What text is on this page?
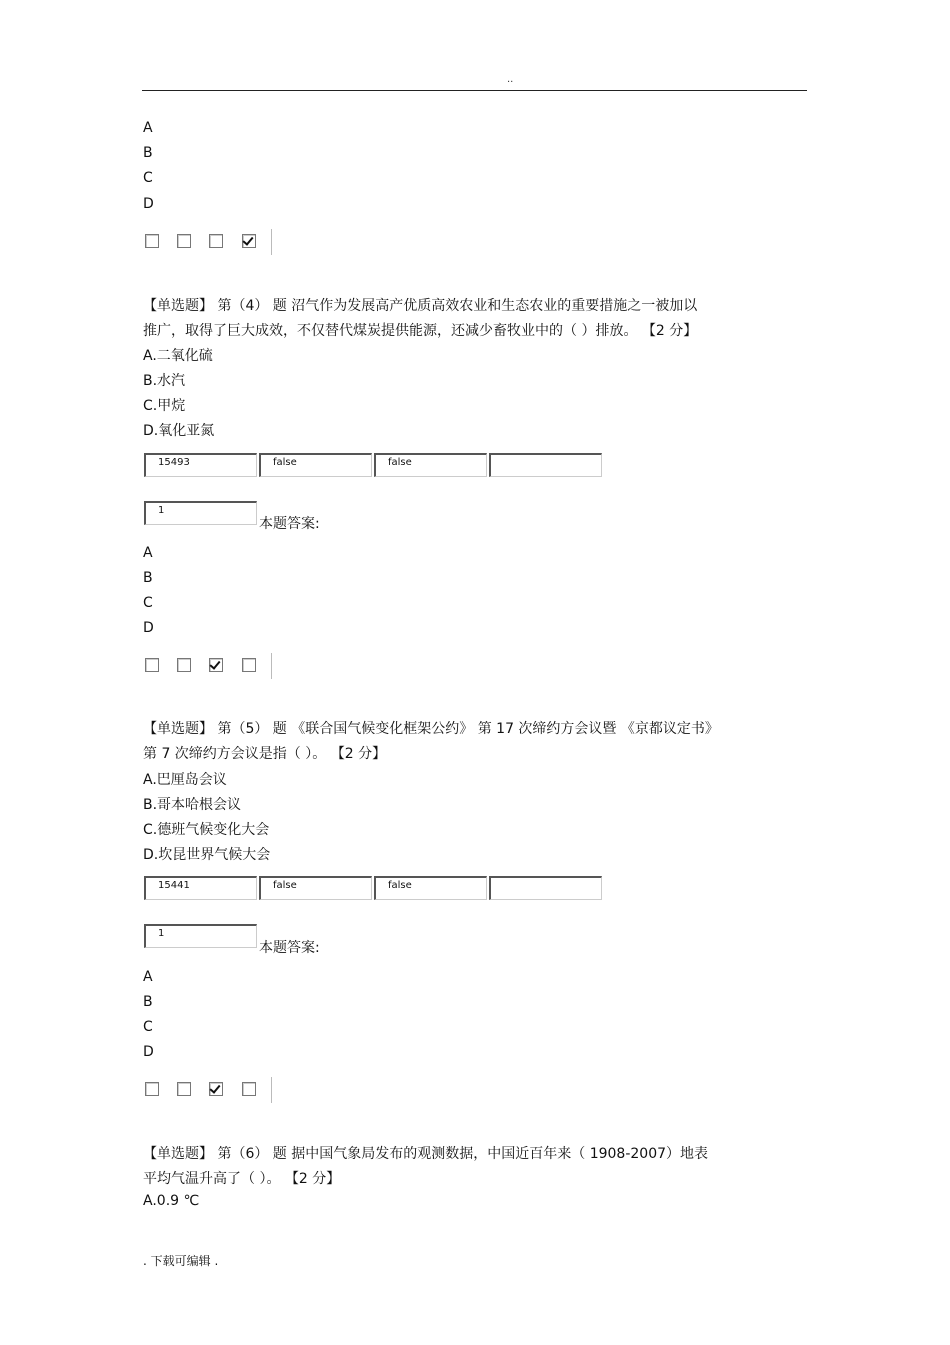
..
A
B
C
D
【单选题】 第（4） 题 沼气作为发展高产优质高效农业和生态农业的重要措施之一被加以
推广，取得了巨大成效，不仅替代煤炭提供能源，还减少畜牧业中的（ ）排放。 【2 分】
A.二氧化硫
B.水汽
C.甲烷
D.氧化亚氮
15493	false	false
1
本题答案:
A
B
C
D
【单选题】 第（5） 题 《联合国气候变化框架公约》 第 17 次缔约方会议暨 《京都议定书》
第 7 次缔约方会议是指（ ）。 【2 分】
A.巴厘岛会议
B.哥本哈根会议
C.德班气候变化大会
D.坎昆世界气候大会
15441	false	false
1
本题答案:
A
B
C
D
【单选题】 第（6） 题 据中国气象局发布的观测数据，中国近百年来（ 1908-2007）地表
平均气温升高了（ ）。 【2 分】
A.0.9 ℃
. 下载可编辑 .
